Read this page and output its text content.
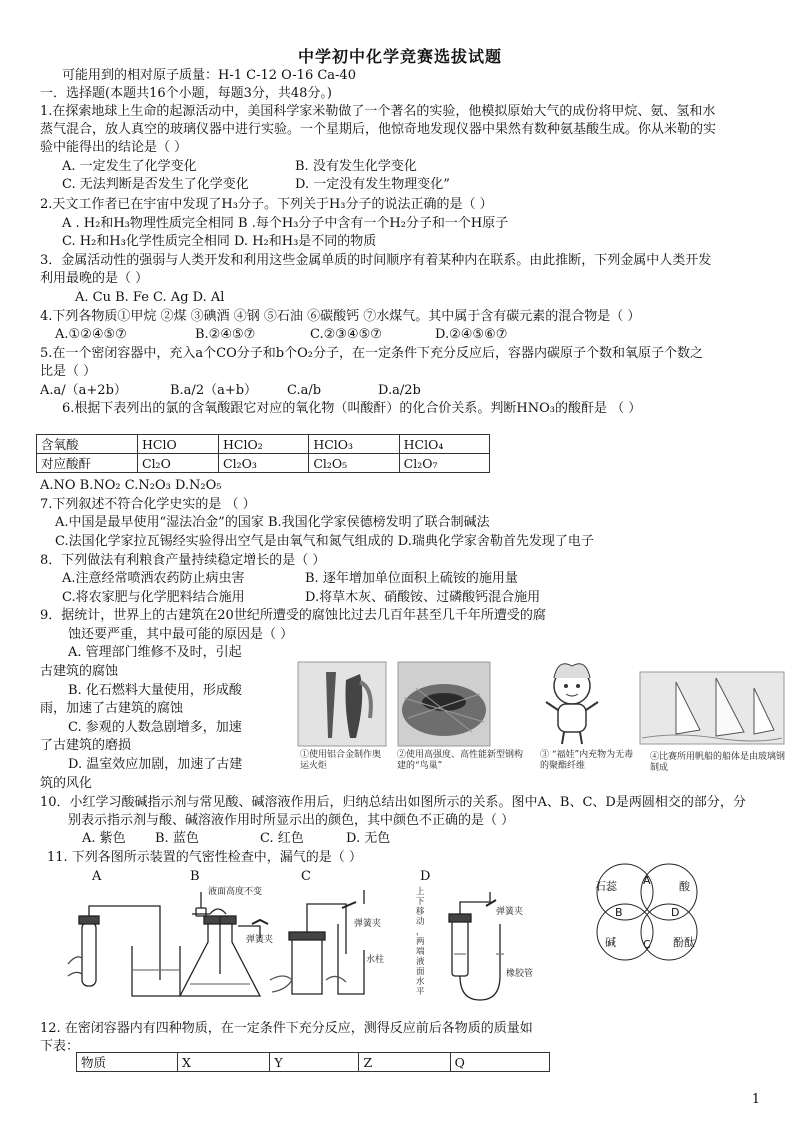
中学初中化学竞赛选拔试题
可能用到的相对原子质量：H-1 C-12 O-16 Ca-40
一．选择题(本题共16个小题，每题3分，共48分。)
1.在探索地球上生命的起源活动中，美国科学家米勒做了一个著名的实验，他模拟原始大气的成份将甲烷、氨、氢和水
蒸气混合，放人真空的玻璃仪器中进行实验。一个星期后，他惊奇地发现仪器中果然有数种氨基酸生成。你从米勒的实
验中能得出的结论是（ ）
A. 一定发生了化学变化	B. 没有发生化学变化
C. 无法判断是否发生了化学变化	D. 一定没有发生物理变化”
2.天文工作者已在宇宙中发现了H₃分子。下列关于H₃分子的说法正确的是（ ）
A . H₂和H₃物理性质完全相同 B .每个H₃分子中含有一个H₂分子和一个H原子
C. H₂和H₃化学性质完全相同 D. H₂和H₃是不同的物质
3．金属活动性的强弱与人类开发和利用这些金属单质的时间顺序有着某种内在联系。由此推断，下列金属中人类开发
利用最晚的是（ ）
A. Cu B. Fe C. Ag D. Al
4.下列各物质①甲烷 ②煤 ③碘酒 ④钢 ⑤石油 ⑥碳酸钙 ⑦水煤气。其中属于含有碳元素的混合物是（ ）
A.①②④⑤⑦	B.②④⑤⑦	C.②③④⑤⑦	D.②④⑤⑥⑦
5.在一个密闭容器中，充入a个CO分子和b个O₂分子，在一定条件下充分反应后，容器内碳原子个数和氧原子个数之
比是（ ）
A.a/（a+2b）	B.a/2（a+b） C.a/b	D.a/2b
6.根据下表列出的氯的含氧酸跟它对应的氧化物（叫酸酐）的化合价关系。判断HNO₃的酸酐是 （ ）
含氧酸	HClO	HClO₂	HClO₃	HClO₄
对应酸酐	Cl₂O	Cl₂O₃	Cl₂O₅	Cl₂O₇
A.NO B.NO₂ C.N₂O₃ D.N₂O₅
7.下列叙述不符合化学史实的是 （ ）
A.中国是最早使用“湿法冶金”的国家 B.我国化学家侯德榜发明了联合制碱法
C.法国化学家拉瓦锡经实验得出空气是由氧气和氮气组成的 D.瑞典化学家舍勒首先发现了电子
8．下列做法有利粮食产量持续稳定增长的是（ ）
A.注意经常喷洒农药防止病虫害	B. 逐年增加单位面积上硫铵的施用量
C.将农家肥与化学肥料结合施用	D.将草木灰、硝酸铵、过磷酸钙混合施用
9．据统计，世界上的古建筑在20世纪所遭受的腐蚀比过去几百年甚至几千年所遭受的腐
蚀还要严重，其中最可能的原因是（ ）
A. 管理部门维修不及时，引起
古建筑的腐蚀
B. 化石燃料大量使用，形成酸
雨，加速了古建筑的腐蚀
C. 参观的人数急剧增多，加速
了古建筑的磨损
D. 温室效应加剧，加速了古建
筑的风化
①使用铝合金制作奥运火炬
②使用高强度、高性能新型钢构建的“鸟巢”
③ “福娃”内充物为无毒的聚酯纤维
④比赛所用帆船的船体是由玻璃钢制成
10．小红学习酸碱指示剂与常见酸、碱溶液作用后，归纳总结出如图所示的关系。图中A、B、C、D是两圆相交的部分，分
别表示指示剂与酸、碱溶液作用时所显示出的颜色，其中颜色不正确的是（ ）
A. 紫色 B. 蓝色	C. 红色	D. 无色
11. 下列各图所示装置的气密性检查中，漏气的是（ ）
A	B	C	D
液面高度不变
弹簧夹
弹簧夹
水柱
弹簧夹
橡胶管
上
下
移
动
，
两
端
液
面
水
平
石蕊	酸
碱	酚酞
A
B
C
D
12. 在密闭容器内有四种物质，在一定条件下充分反应，测得反应前后各物质的质量如
下表：
物质	X	Y	Z	Q
1
